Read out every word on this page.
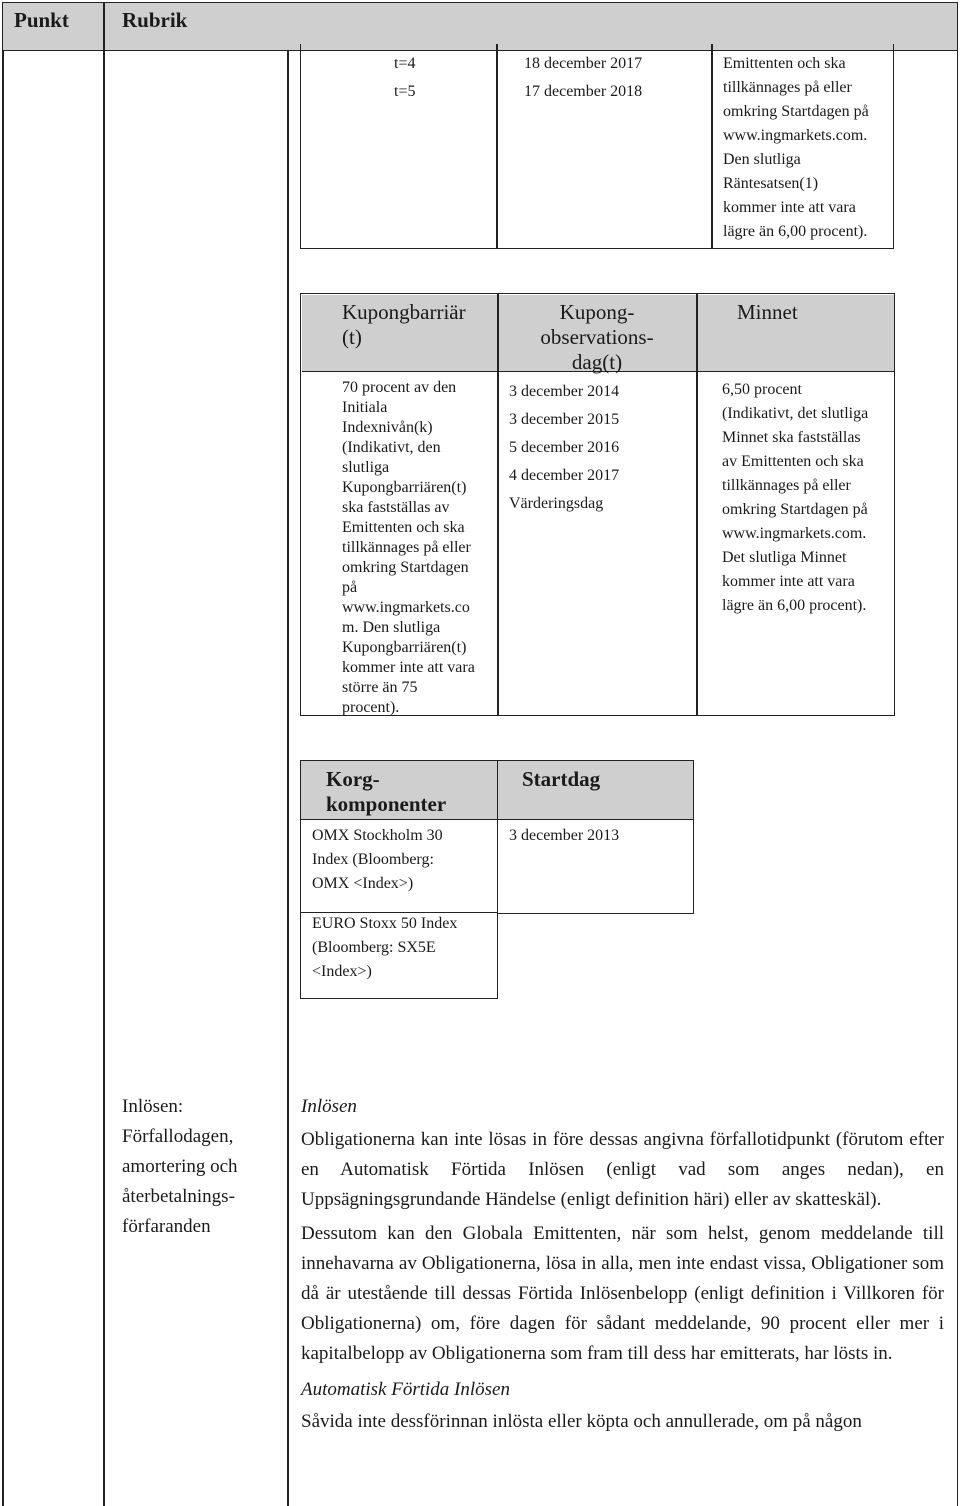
Punkt	Rubrik
t=4
t=5
18 december 2017
17 december 2018
Emittenten och ska
tillkännages på eller
omkring Startdagen på
www.ingmarkets.com.
Den slutliga
Räntesatsen(1)
kommer inte att vara
lägre än 6,00 procent).
Kupongbarriär
(t)
Kupong-
observations-
dag(t)
Minnet
70 procent av den
Initiala
Indexnivån(k)
(Indikativt, den
slutliga
Kupongbarriären(t)
ska fastställas av
Emittenten och ska
tillkännages på eller
omkring Startdagen
på
www.ingmarkets.co
m. Den slutliga
Kupongbarriären(t)
kommer inte att vara
större än 75
procent).
3 december 2014
3 december 2015
5 december 2016
4 december 2017
Värderingsdag
6,50 procent
(Indikativt, det slutliga
Minnet ska fastställas
av Emittenten och ska
tillkännages på eller
omkring Startdagen på
www.ingmarkets.com.
Det slutliga Minnet
kommer inte att vara
lägre än 6,00 procent).
Korg-
komponenter
Startdag
OMX Stockholm 30
Index (Bloomberg:
OMX <Index>)
3 december 2013
EURO Stoxx 50 Index
(Bloomberg: SX5E
<Index>)
Inlösen:
Förfallodagen,
amortering och
återbetalnings-
förfaranden

Inlösen

Obligationerna kan inte lösas in före dessas angivna förfallotidpunkt (förutom efter en Automatisk Förtida Inlösen (enligt vad som anges nedan), en Uppsägningsgrundande Händelse (enligt definition häri) eller av skatteskäl).

Dessutom kan den Globala Emittenten, när som helst, genom meddelande till innehavarna av Obligationerna, lösa in alla, men inte endast vissa, Obligationer som då är utestående till dessas Förtida Inlösenbelopp (enligt definition i Villkoren för Obligationerna) om, före dagen för sådant meddelande, 90 procent eller mer i kapitalbelopp av Obligationerna som fram till dess har emitterats, har lösts in.

Automatisk Förtida Inlösen

Såvida inte dessförinnan inlösta eller köpta och annullerade, om på någon
